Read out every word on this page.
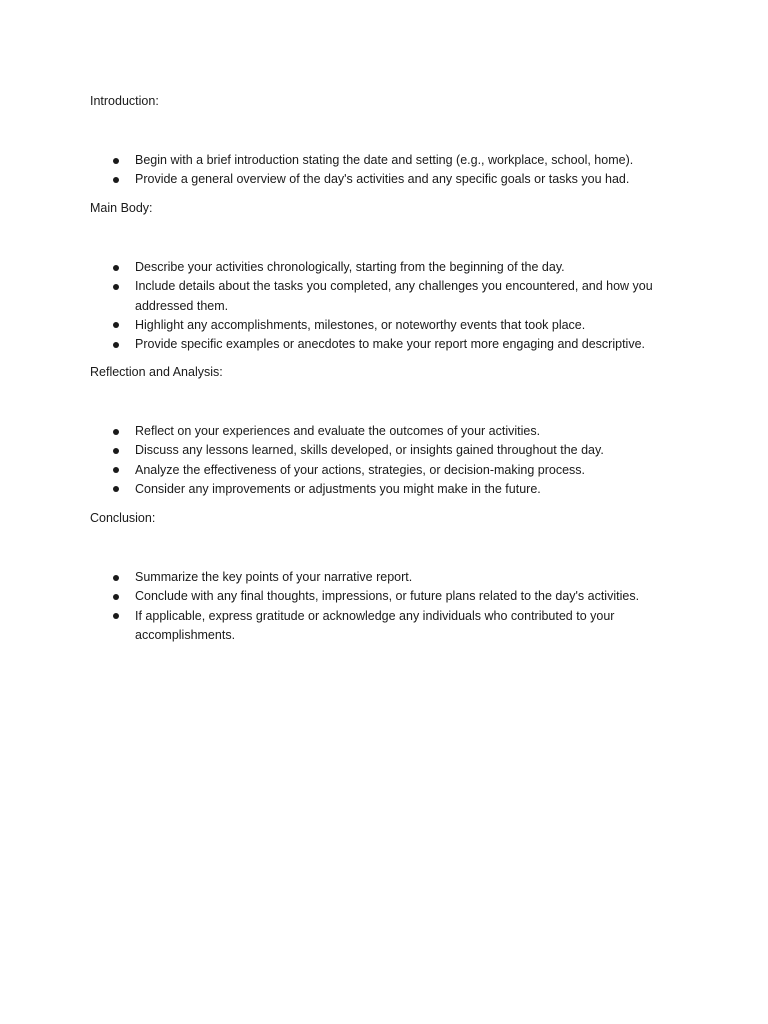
Introduction:
Begin with a brief introduction stating the date and setting (e.g., workplace, school, home).
Provide a general overview of the day's activities and any specific goals or tasks you had.
Main Body:
Describe your activities chronologically, starting from the beginning of the day.
Include details about the tasks you completed, any challenges you encountered, and how you addressed them.
Highlight any accomplishments, milestones, or noteworthy events that took place.
Provide specific examples or anecdotes to make your report more engaging and descriptive.
Reflection and Analysis:
Reflect on your experiences and evaluate the outcomes of your activities.
Discuss any lessons learned, skills developed, or insights gained throughout the day.
Analyze the effectiveness of your actions, strategies, or decision-making process.
Consider any improvements or adjustments you might make in the future.
Conclusion:
Summarize the key points of your narrative report.
Conclude with any final thoughts, impressions, or future plans related to the day's activities.
If applicable, express gratitude or acknowledge any individuals who contributed to your accomplishments.
